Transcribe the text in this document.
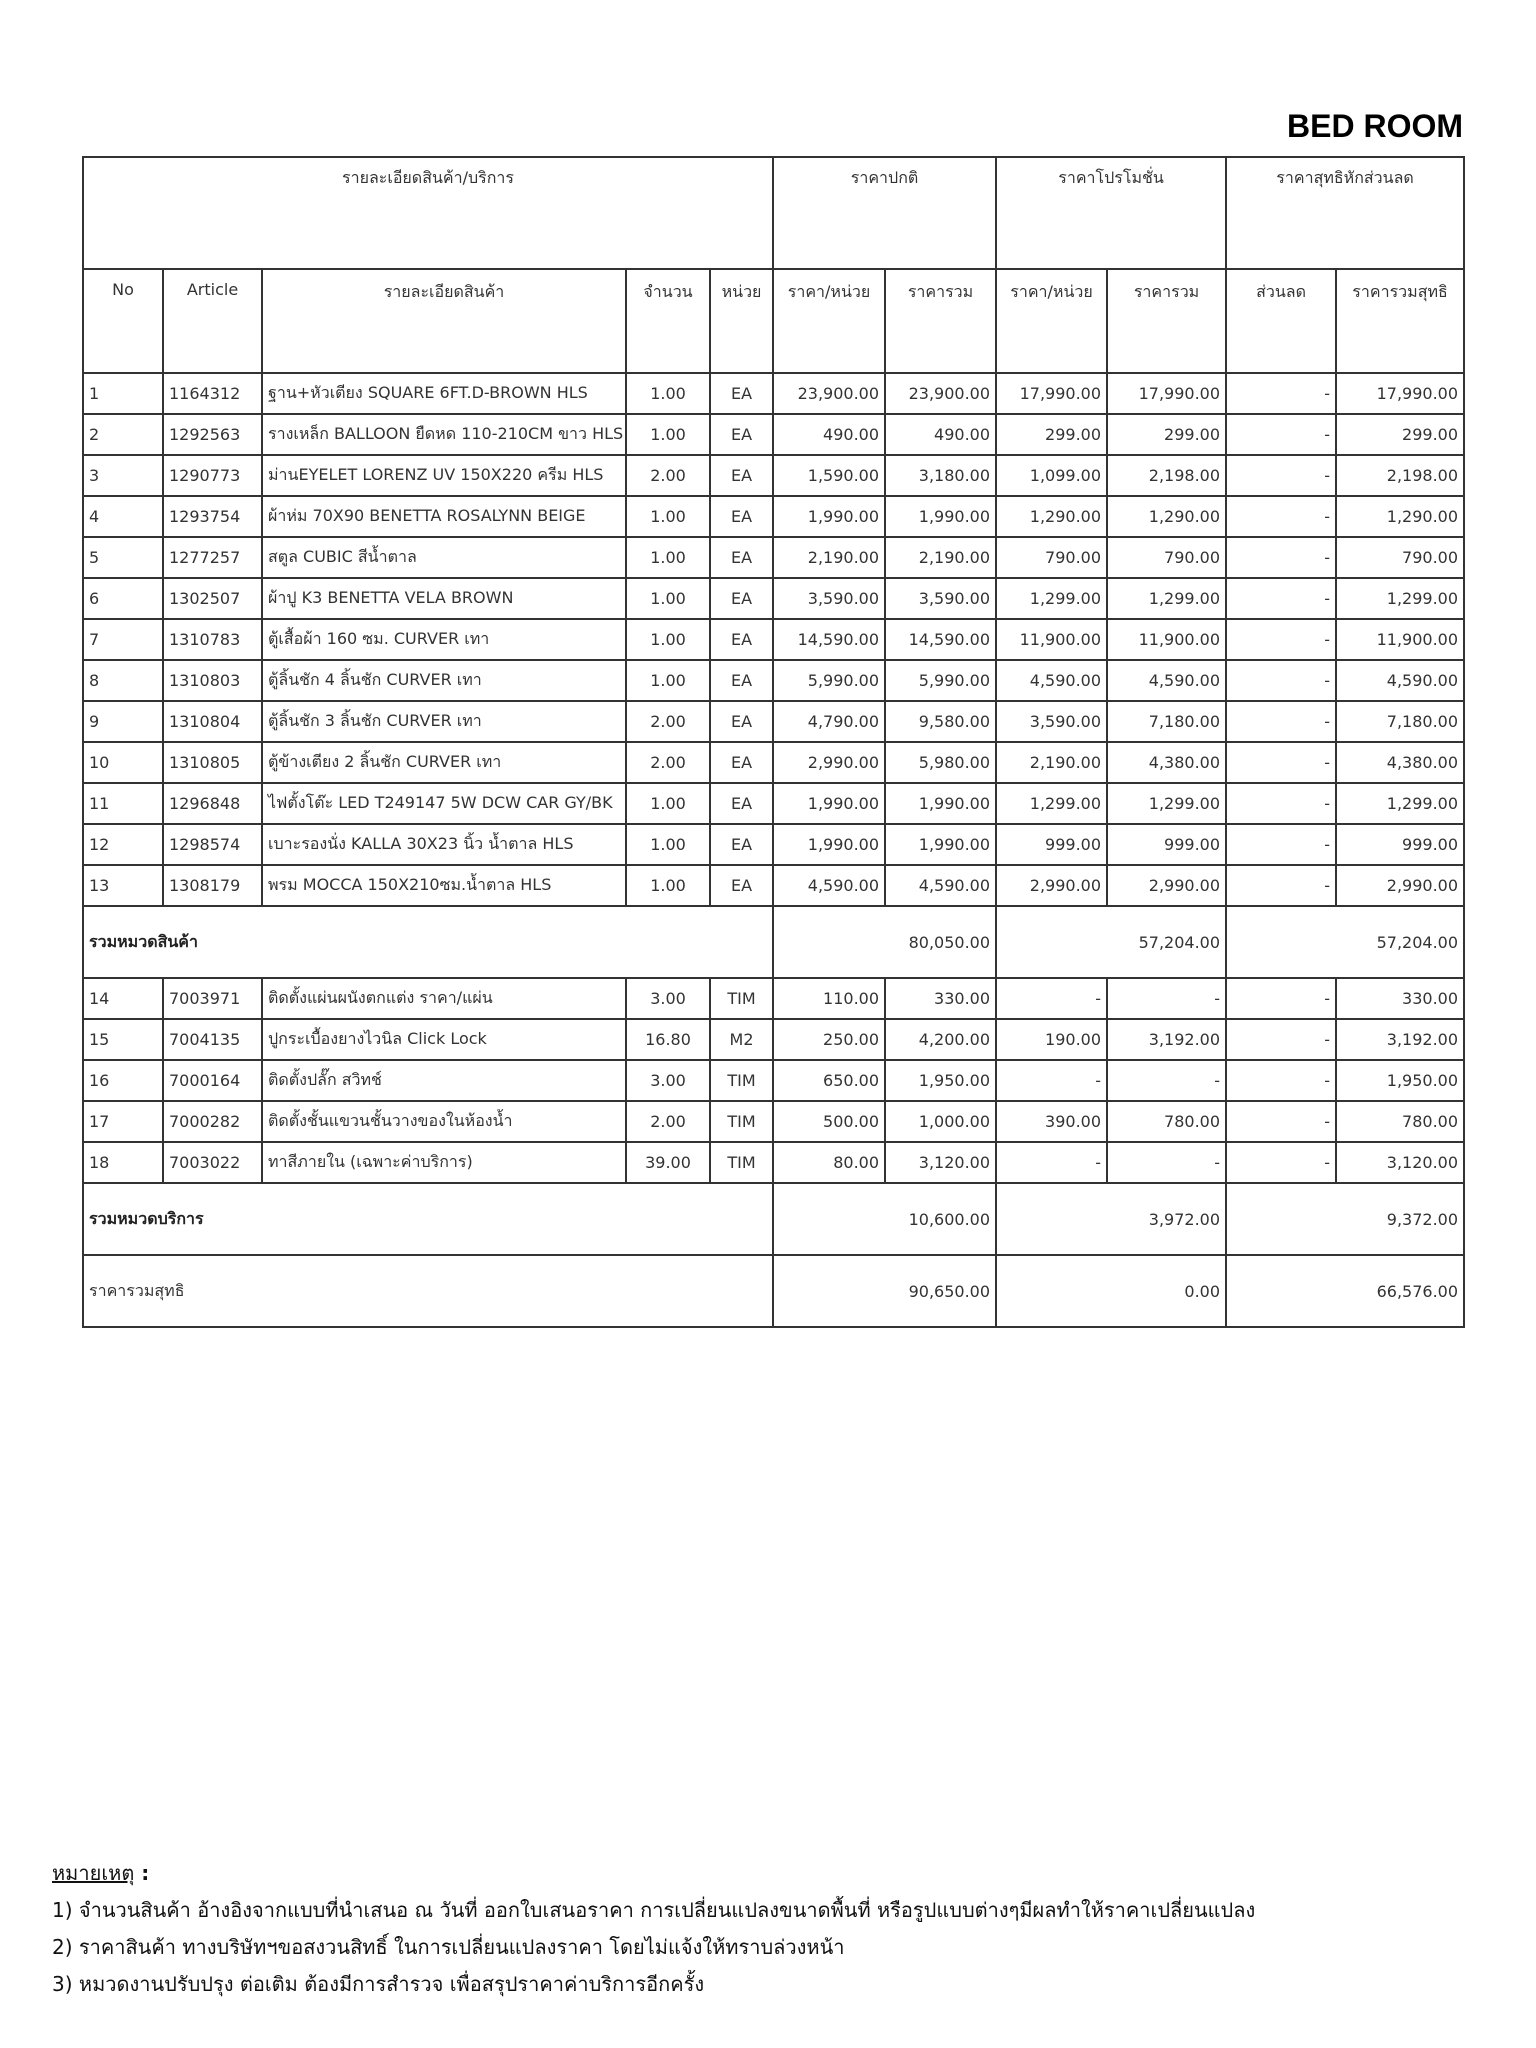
BED ROOM
รายละเอียดสินค้า/บริการ					ราคาปกติ		ราคาโปรโมชั่น		ราคาสุทธิหักส่วนลด	
No	Article	รายละเอียดสินค้า	จำนวน	หน่วย	ราคา/หน่วย	ราคารวม	ราคา/หน่วย	ราคารวม	ส่วนลด	ราคารวมสุทธิ
1	1164312	ฐาน+หัวเตียง SQUARE 6FT.D-BROWN HLS	1.00	EA	23,900.00	23,900.00	17,990.00	17,990.00	-	17,990.00
2	1292563	รางเหล็ก BALLOON ยืดหด 110-210CM ขาว HLS	1.00	EA	490.00	490.00	299.00	299.00	-	299.00
3	1290773	ม่านEYELET LORENZ UV 150X220 ครีม HLS	2.00	EA	1,590.00	3,180.00	1,099.00	2,198.00	-	2,198.00
4	1293754	ผ้าห่ม 70X90 BENETTA ROSALYNN BEIGE	1.00	EA	1,990.00	1,990.00	1,290.00	1,290.00	-	1,290.00
5	1277257	สตูล CUBIC สีน้ำตาล	1.00	EA	2,190.00	2,190.00	790.00	790.00	-	790.00
6	1302507	ผ้าปู K3 BENETTA VELA BROWN	1.00	EA	3,590.00	3,590.00	1,299.00	1,299.00	-	1,299.00
7	1310783	ตู้เสื้อผ้า 160 ซม. CURVER เทา	1.00	EA	14,590.00	14,590.00	11,900.00	11,900.00	-	11,900.00
8	1310803	ตู้ลิ้นชัก 4 ลิ้นชัก CURVER เทา	1.00	EA	5,990.00	5,990.00	4,590.00	4,590.00	-	4,590.00
9	1310804	ตู้ลิ้นชัก 3 ลิ้นชัก CURVER เทา	2.00	EA	4,790.00	9,580.00	3,590.00	7,180.00	-	7,180.00
10	1310805	ตู้ข้างเตียง 2 ลิ้นชัก CURVER เทา	2.00	EA	2,990.00	5,980.00	2,190.00	4,380.00	-	4,380.00
11	1296848	ไฟตั้งโต๊ะ LED T249147 5W DCW CAR GY/BK	1.00	EA	1,990.00	1,990.00	1,299.00	1,299.00	-	1,299.00
12	1298574	เบาะรองนั่ง KALLA 30X23 นิ้ว น้ำตาล HLS	1.00	EA	1,990.00	1,990.00	999.00	999.00	-	999.00
13	1308179	พรม MOCCA 150X210ซม.น้ำตาล HLS	1.00	EA	4,590.00	4,590.00	2,990.00	2,990.00	-	2,990.00
รวมหมวดสินค้า					80,050.00		57,204.00		57,204.00	
14	7003971	ติดตั้งแผ่นผนังตกแต่ง ราคา/แผ่น	3.00	TIM	110.00	330.00	-	-	-	330.00
15	7004135	ปูกระเบื้องยางไวนิล Click Lock	16.80	M2	250.00	4,200.00	190.00	3,192.00	-	3,192.00
16	7000164	ติดตั้งปลั๊ก สวิทช์	3.00	TIM	650.00	1,950.00	-	-	-	1,950.00
17	7000282	ติดตั้งชั้นแขวนชั้นวางของในห้องน้ำ	2.00	TIM	500.00	1,000.00	390.00	780.00	-	780.00
18	7003022	ทาสีภายใน (เฉพาะค่าบริการ)	39.00	TIM	80.00	3,120.00	-	-	-	3,120.00
รวมหมวดบริการ					10,600.00		3,972.00		9,372.00	
ราคารวมสุทธิ					90,650.00		0.00		66,576.00	
หมายเหตุ :
1) จำนวนสินค้า อ้างอิงจากแบบที่นำเสนอ ณ วันที่ ออกใบเสนอราคา การเปลี่ยนแปลงขนาดพื้นที่ หรือรูปแบบต่างๆมีผลทำให้ราคาเปลี่ยนแปลง
2) ราคาสินค้า ทางบริษัทฯขอสงวนสิทธิ์ ในการเปลี่ยนแปลงราคา โดยไม่แจ้งให้ทราบล่วงหน้า
3) หมวดงานปรับปรุง ต่อเติม ต้องมีการสำรวจ เพื่อสรุปราคาค่าบริการอีกครั้ง
